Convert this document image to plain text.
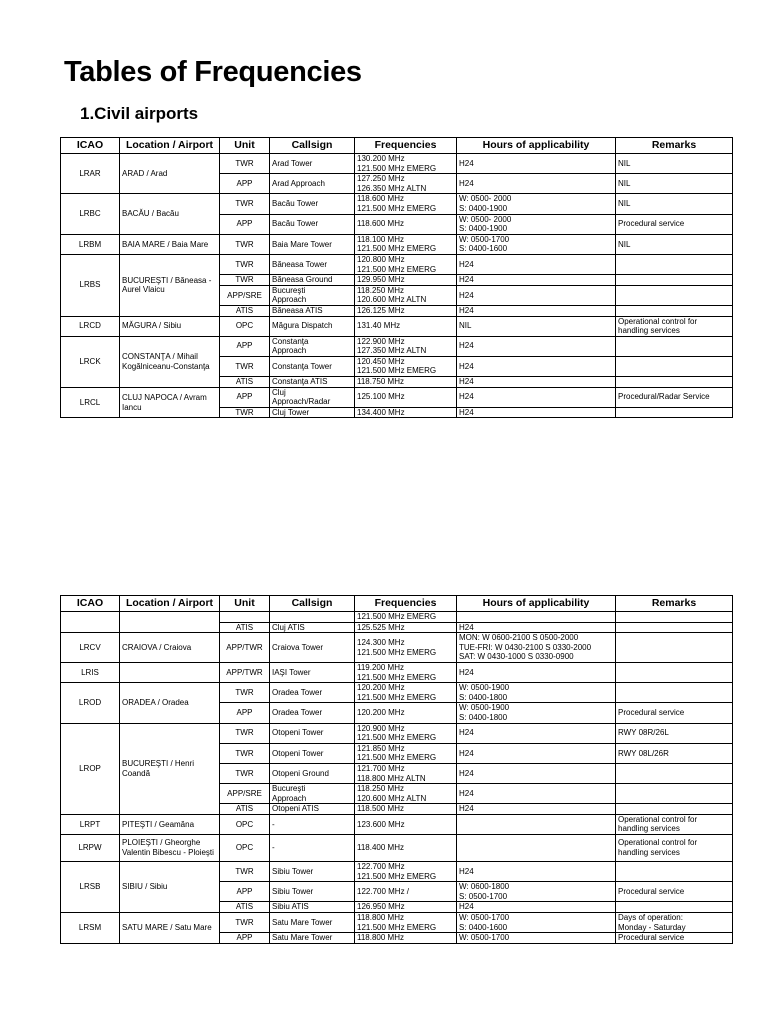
Tables of Frequencies
1.Civil airports
ICAO	Location / Airport	Unit	Callsign	Frequencies	Hours of applicability	Remarks
LRAR	ARAD / Arad	TWR	Arad Tower	130.200 MHz
121.500 MHz EMERG	H24	NIL
		APP	Arad Approach	127.250 MHz
126.350 MHz ALTN	H24	NIL
LRBC	BACĂU / Bacău	TWR	Bacău Tower	118.600 MHz
121.500 MHz EMERG	W: 0500- 2000
S: 0400-1900	NIL
		APP	Bacău Tower	118.600 MHz	W: 0500- 2000
S: 0400-1900	Procedural service
LRBM	BAIA MARE / Baia Mare	TWR	Baia Mare Tower	118.100 MHz
121.500 MHz EMERG	W: 0500-1700
S: 0400-1600	NIL
LRBS	BUCUREŞTI / Băneasa - Aurel Vlaicu	TWR	Băneasa Tower	120.800 MHz
121.500 MHz EMERG	H24	
		TWR	Băneasa Ground	129.950 MHz	H24	
		APP/SRE	Bucureşti
Approach	118.250 MHz
120.600 MHz ALTN	H24	
		ATIS	Băneasa ATIS	126.125 MHz	H24	
LRCD	MĂGURA / Sibiu	OPC	Măgura Dispatch	131.40 MHz	NIL	Operational control for
handling services
LRCK	CONSTANŢA / Mihail Kogălniceanu-Constanţa	APP	Constanţa
Approach	122.900 MHz
127.350 MHz ALTN	H24	
		TWR	Constanţa Tower	120.450 MHz
121.500 MHz EMERG	H24	
		ATIS	Constanţa ATIS	118.750 MHz	H24	
LRCL	CLUJ NAPOCA / Avram Iancu	APP	Cluj
Approach/Radar	125.100 MHz	H24	Procedural/Radar Service
		TWR	Cluj Tower	134.400 MHz	H24	
ICAO	Location / Airport	Unit	Callsign	Frequencies	Hours of applicability	Remarks
				121.500 MHz EMERG		
		ATIS	Cluj ATIS	125.525 MHz	H24	
LRCV	CRAIOVA / Craiova	APP/TWR	Craiova Tower	124.300 MHz
121.500 MHz EMERG	MON: W 0600-2100 S 0500-2000
TUE-FRI: W 0430-2100 S 0330-2000
SAT: W 0430-1000 S 0330-0900	
LRIS		APP/TWR	IAŞI Tower	119.200 MHz
121.500 MHz EMERG	H24	
LROD	ORADEA / Oradea	TWR	Oradea Tower	120.200 MHz
121.500 MHz EMERG	W: 0500-1900
S: 0400-1800	
		APP	Oradea Tower	120.200 MHz	W: 0500-1900
S: 0400-1800	Procedural service
LROP	BUCUREŞTI / Henri Coandă	TWR	Otopeni Tower	120.900 MHz
121.500 MHz EMERG	H24	RWY 08R/26L
		TWR	Otopeni Tower	121.850 MHz
121.500 MHz EMERG	H24	RWY 08L/26R
		TWR	Otopeni Ground	121.700 MHz
118.800 MHz ALTN	H24	
		APP/SRE	Bucureşti
Approach	118.250 MHz
120.600 MHz ALTN	H24	
		ATIS	Otopeni ATIS	118.500 MHz	H24	
LRPT	PITEŞTI / Geamăna	OPC	-	123.600 MHz		Operational control for
handling services
LRPW	PLOIEŞTI / Gheorghe Valentin Bibescu - Ploieşti	OPC	-	118.400 MHz		Operational control for
handling services
LRSB	SIBIU / Sibiu	TWR	Sibiu Tower	122.700 MHz
121.500 MHz EMERG	H24	
		APP	Sibiu Tower	122.700 MHz /	W: 0600-1800
S: 0500-1700	Procedural service
		ATIS	Sibiu ATIS	126.950 MHz	H24	
LRSM	SATU MARE / Satu Mare	TWR	Satu Mare Tower	118.800 MHz
121.500 MHz EMERG	W: 0500-1700
S: 0400-1600	Days of operation:
Monday - Saturday
		APP	Satu Mare Tower	118.800 MHz	W: 0500-1700	Procedural service
